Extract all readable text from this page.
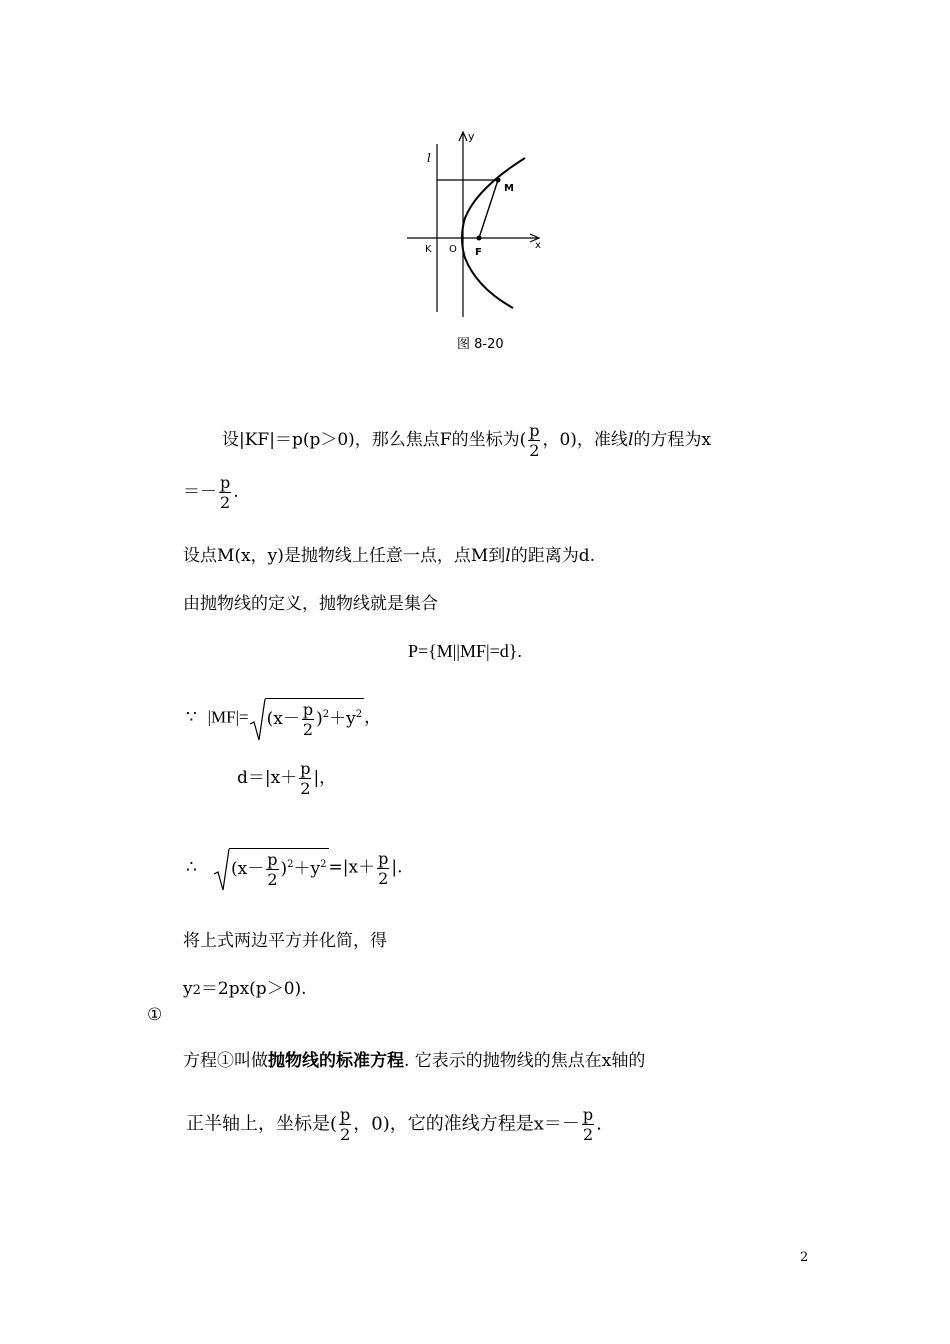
y
l
M
K O F
x
图 8-20
设|KF|＝p(p＞0)，那么焦点F的坐标为( $\frac{p}{2}$ ，0)，准线l的方程为x
＝－ $\frac{p}{2}$ .
设点M(x，y)是抛物线上任意一点，点M到l的距离为d.
由抛物线的定义，抛物线就是集合
P={M||MF|=d}.
∵ $|MF|= (x- \frac{p}{2} )^2+y^2$ ，
$d=|x+ \frac{p}{2}$ |，
∴ $(x- \frac{p}{2} )^2+y^2 =|x+ \frac{p}{2}$ |.
将上式两边平方并化简，得
y2＝2px(p＞0).
①
方程①叫做抛物线的标准方程. 它表示的抛物线的焦点在x轴的
正半轴上，坐标是( $\frac{p}{2}$ ，0)，它的准线方程是$x=- \frac{p}{2}$ .
2
